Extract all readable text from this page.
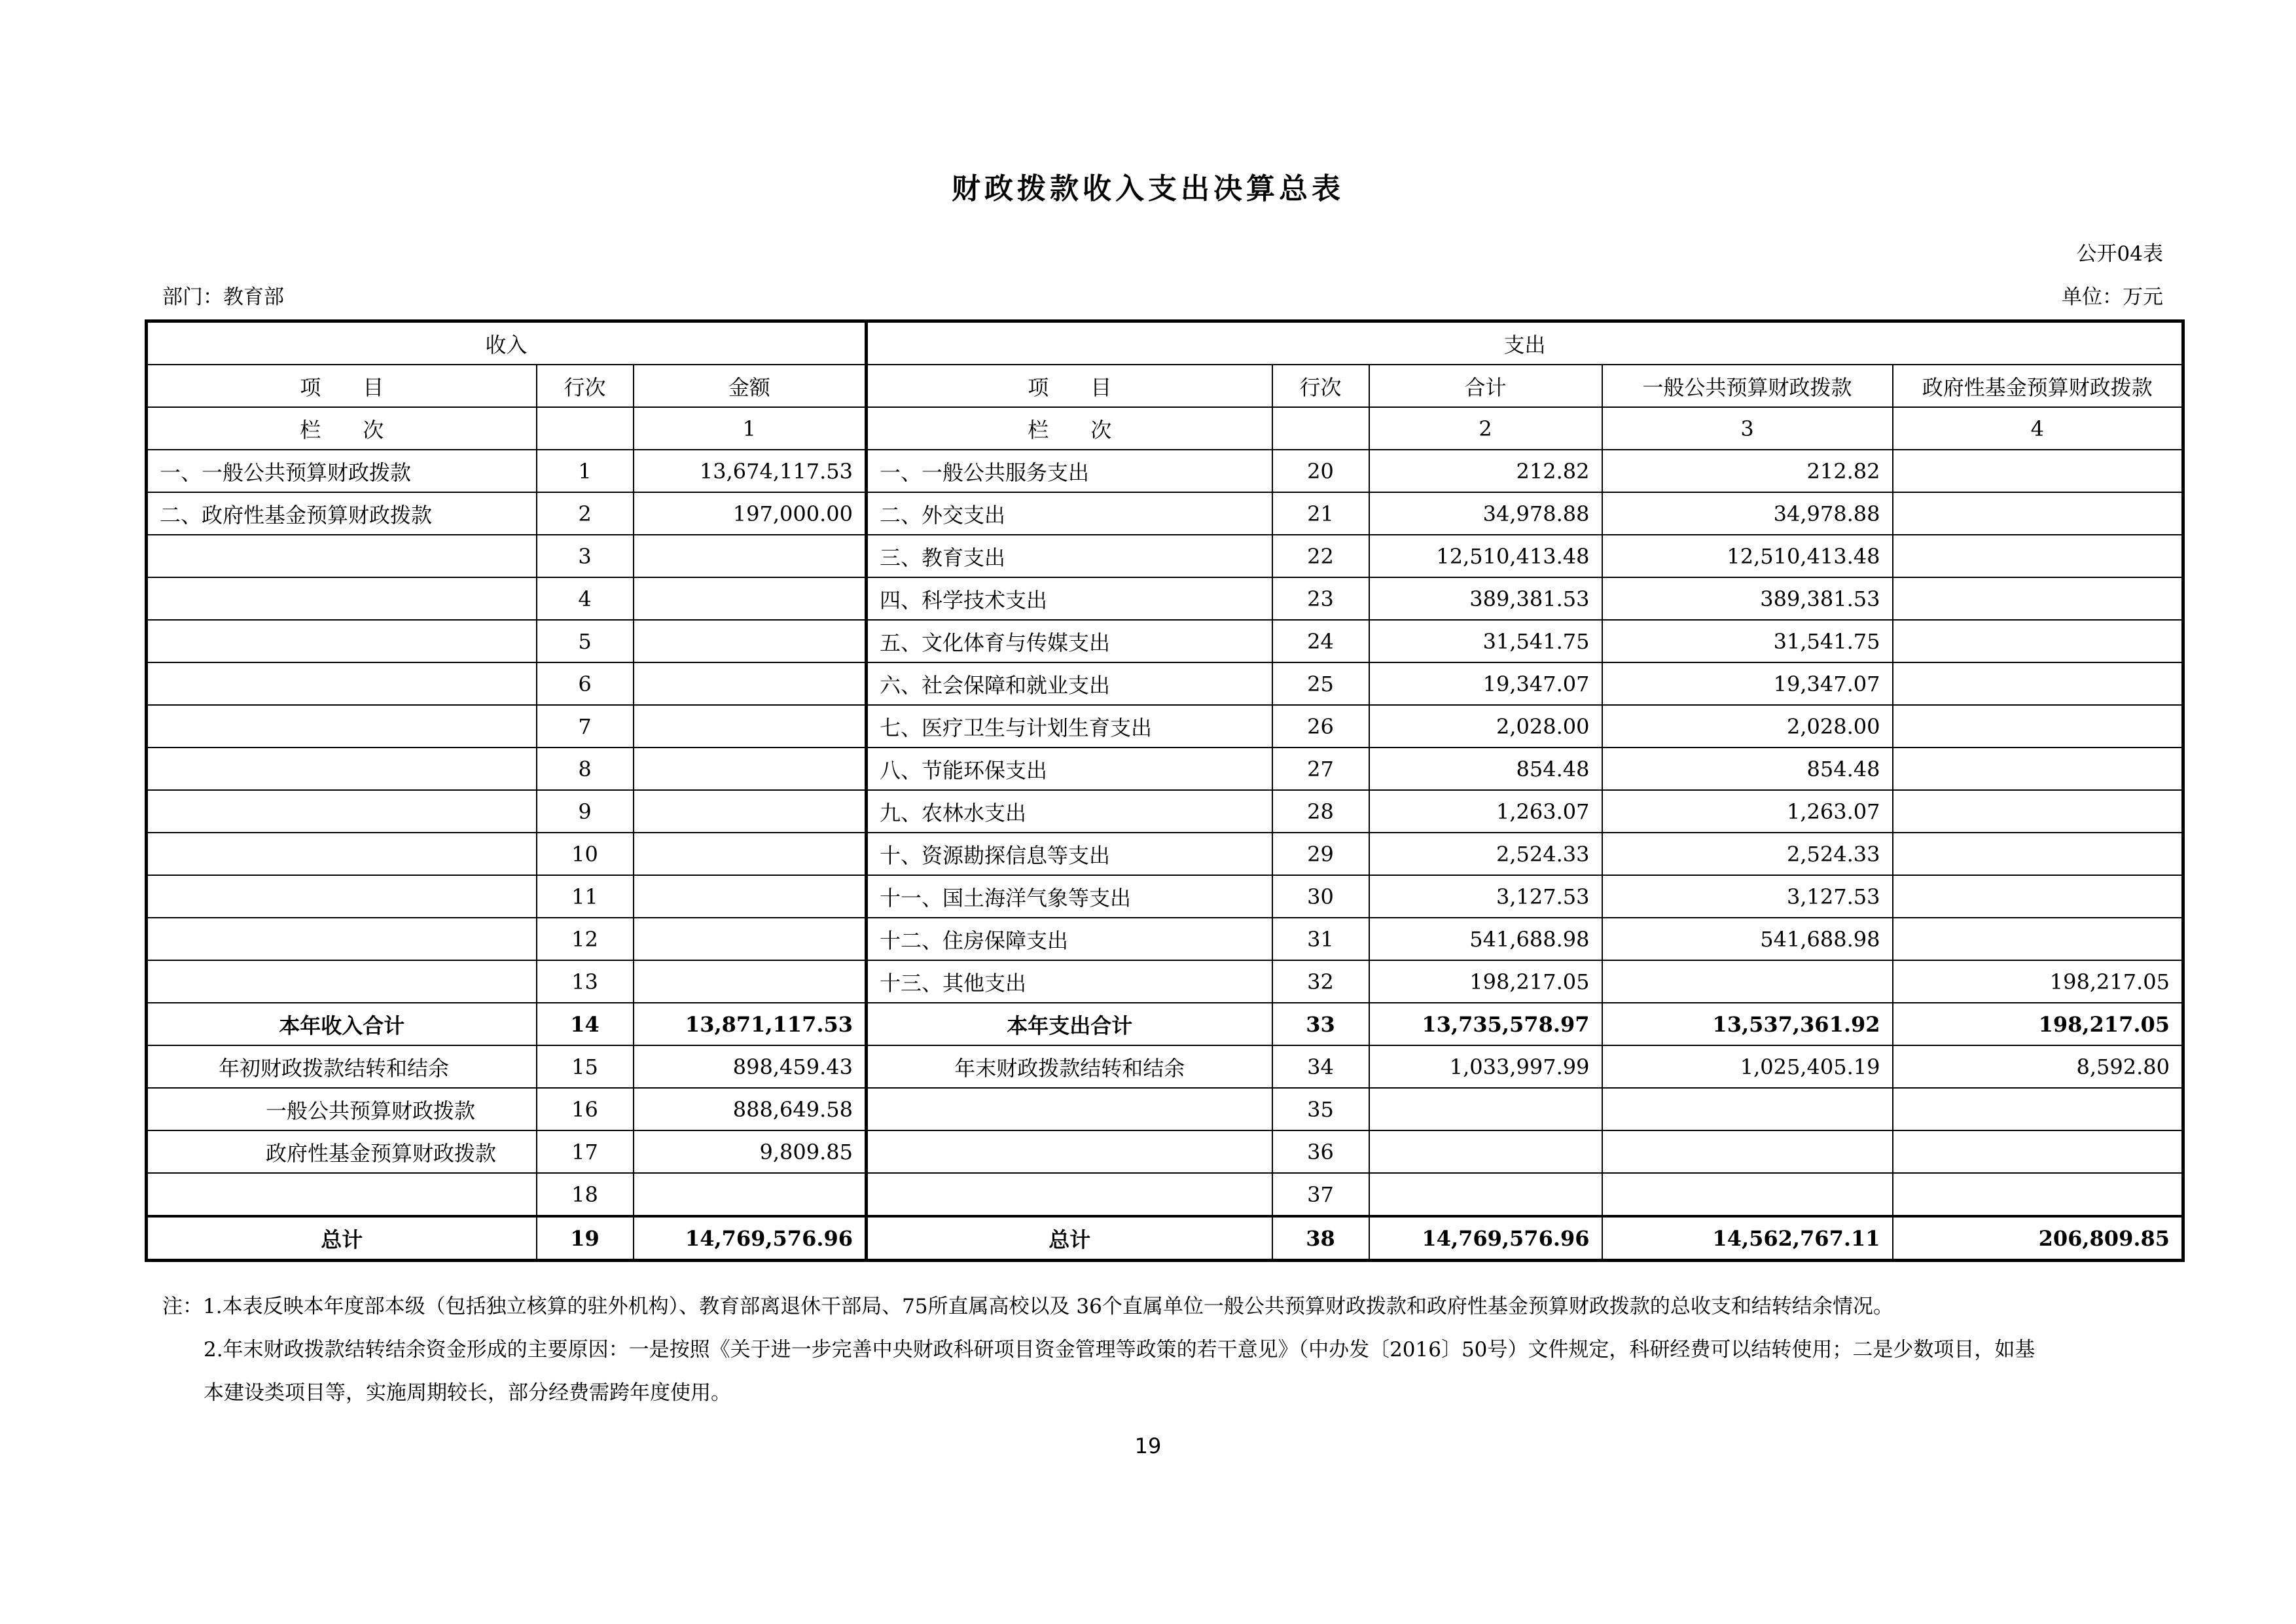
财政拨款收入支出决算总表
公开04表
部门：教育部	单位：万元
收入			支出				
项　　目	行次	金额	项　　目	行次	合计	一般公共预算财政拨款	政府性基金预算财政拨款
栏　　次		1	栏　　次		2	3	4
一、一般公共预算财政拨款	1	13,674,117.53	一、一般公共服务支出	20	212.82	212.82	
二、政府性基金预算财政拨款	2	197,000.00	二、外交支出	21	34,978.88	34,978.88	
	3		三、教育支出	22	12,510,413.48	12,510,413.48	
	4		四、科学技术支出	23	389,381.53	389,381.53	
	5		五、文化体育与传媒支出	24	31,541.75	31,541.75	
	6		六、社会保障和就业支出	25	19,347.07	19,347.07	
	7		七、医疗卫生与计划生育支出	26	2,028.00	2,028.00	
	8		八、节能环保支出	27	854.48	854.48	
	9		九、农林水支出	28	1,263.07	1,263.07	
	10		十、资源勘探信息等支出	29	2,524.33	2,524.33	
	11		十一、国土海洋气象等支出	30	3,127.53	3,127.53	
	12		十二、住房保障支出	31	541,688.98	541,688.98	
	13		十三、其他支出	32	198,217.05		198,217.05
本年收入合计	14	13,871,117.53	本年支出合计	33	13,735,578.97	13,537,361.92	198,217.05
年初财政拨款结转和结余	15	898,459.43	年末财政拨款结转和结余	34	1,033,997.99	1,025,405.19	8,592.80
一般公共预算财政拨款	16	888,649.58		35			
政府性基金预算财政拨款	17	9,809.85		36			
	18			37			
总计	19	14,769,576.96	总计	38	14,769,576.96	14,562,767.11	206,809.85
注：1.本表反映本年度部本级（包括独立核算的驻外机构）、教育部离退休干部局、75所直属高校以及 36个直属单位一般公共预算财政拨款和政府性基金预算财政拨款的总收支和结转结余情况。
2.年末财政拨款结转结余资金形成的主要原因：一是按照《关于进一步完善中央财政科研项目资金管理等政策的若干意见》（中办发〔2016〕50号）文件规定，科研经费可以结转使用；二是少数项目，如基
本建设类项目等，实施周期较长，部分经费需跨年度使用。
19
